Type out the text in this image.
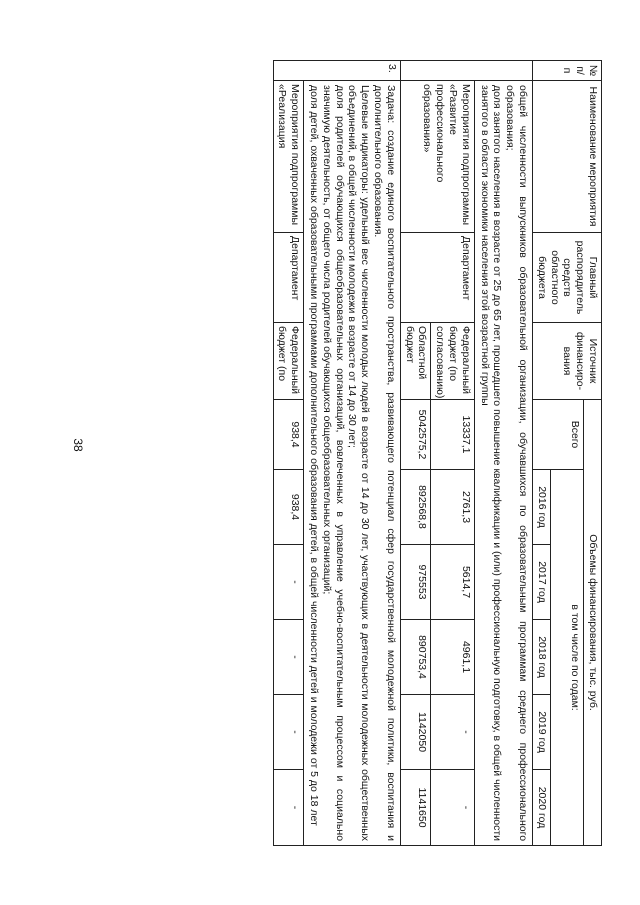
38
№ п/п	Наименование мероприятия	Главный распорядитель средств областного бюджета	Источник финансиро-вания	Объемы финансирования, тыс. руб.					
				Всего	в том числе по годам:				
					2016 год	2017 год	2018 год	2019 год	2020 год

	общей численности выпускников образовательной организации, обучавшихся по образовательным программам среднего профессионального образования;

доля занятого населения в возрасте от 25 до 65 лет, прошедшего повышение квалификации и (или) профессиональную подготовку, в общей численности занятого в области экономики населения этой возрастной группы								

	Мероприятия подпрограммы «Развитие профессионального образования»	Департамент	Федеральный бюджет (по согласованию)	13337,1	2761,3	5614,7	4961,1	-	-
			Областной бюджет	5042575,2	892568,8	975553	890753,4	1142050	1141650
3.	Задача: создание единого воспитательного пространства, развивающего потенциал сфер государственной молодежной политики, воспитания и дополнительного образования.

Целевые индикаторы: удельный вес численности молодых людей в возрасте от 14 до 30 лет, участвующих в деятельности молодежных общественных объединений, в общей численности молодежи в возрасте от 14 до 30 лет;

доля родителей обучающихся общеобразовательных организаций, вовлеченных в управление учебно-воспитательным процессом и социально значимую деятельность, от общего числа родителей обучающихся общеобразовательных организаций;

доля детей, охваченных образовательными программами дополнительного образования детей, в общей численности детей и молодежи от 5 до 18 лет								

	Мероприятия подпрограммы «Реализация	Департамент	Федеральный бюджет (по	938,4	938,4	-	-	-	-
